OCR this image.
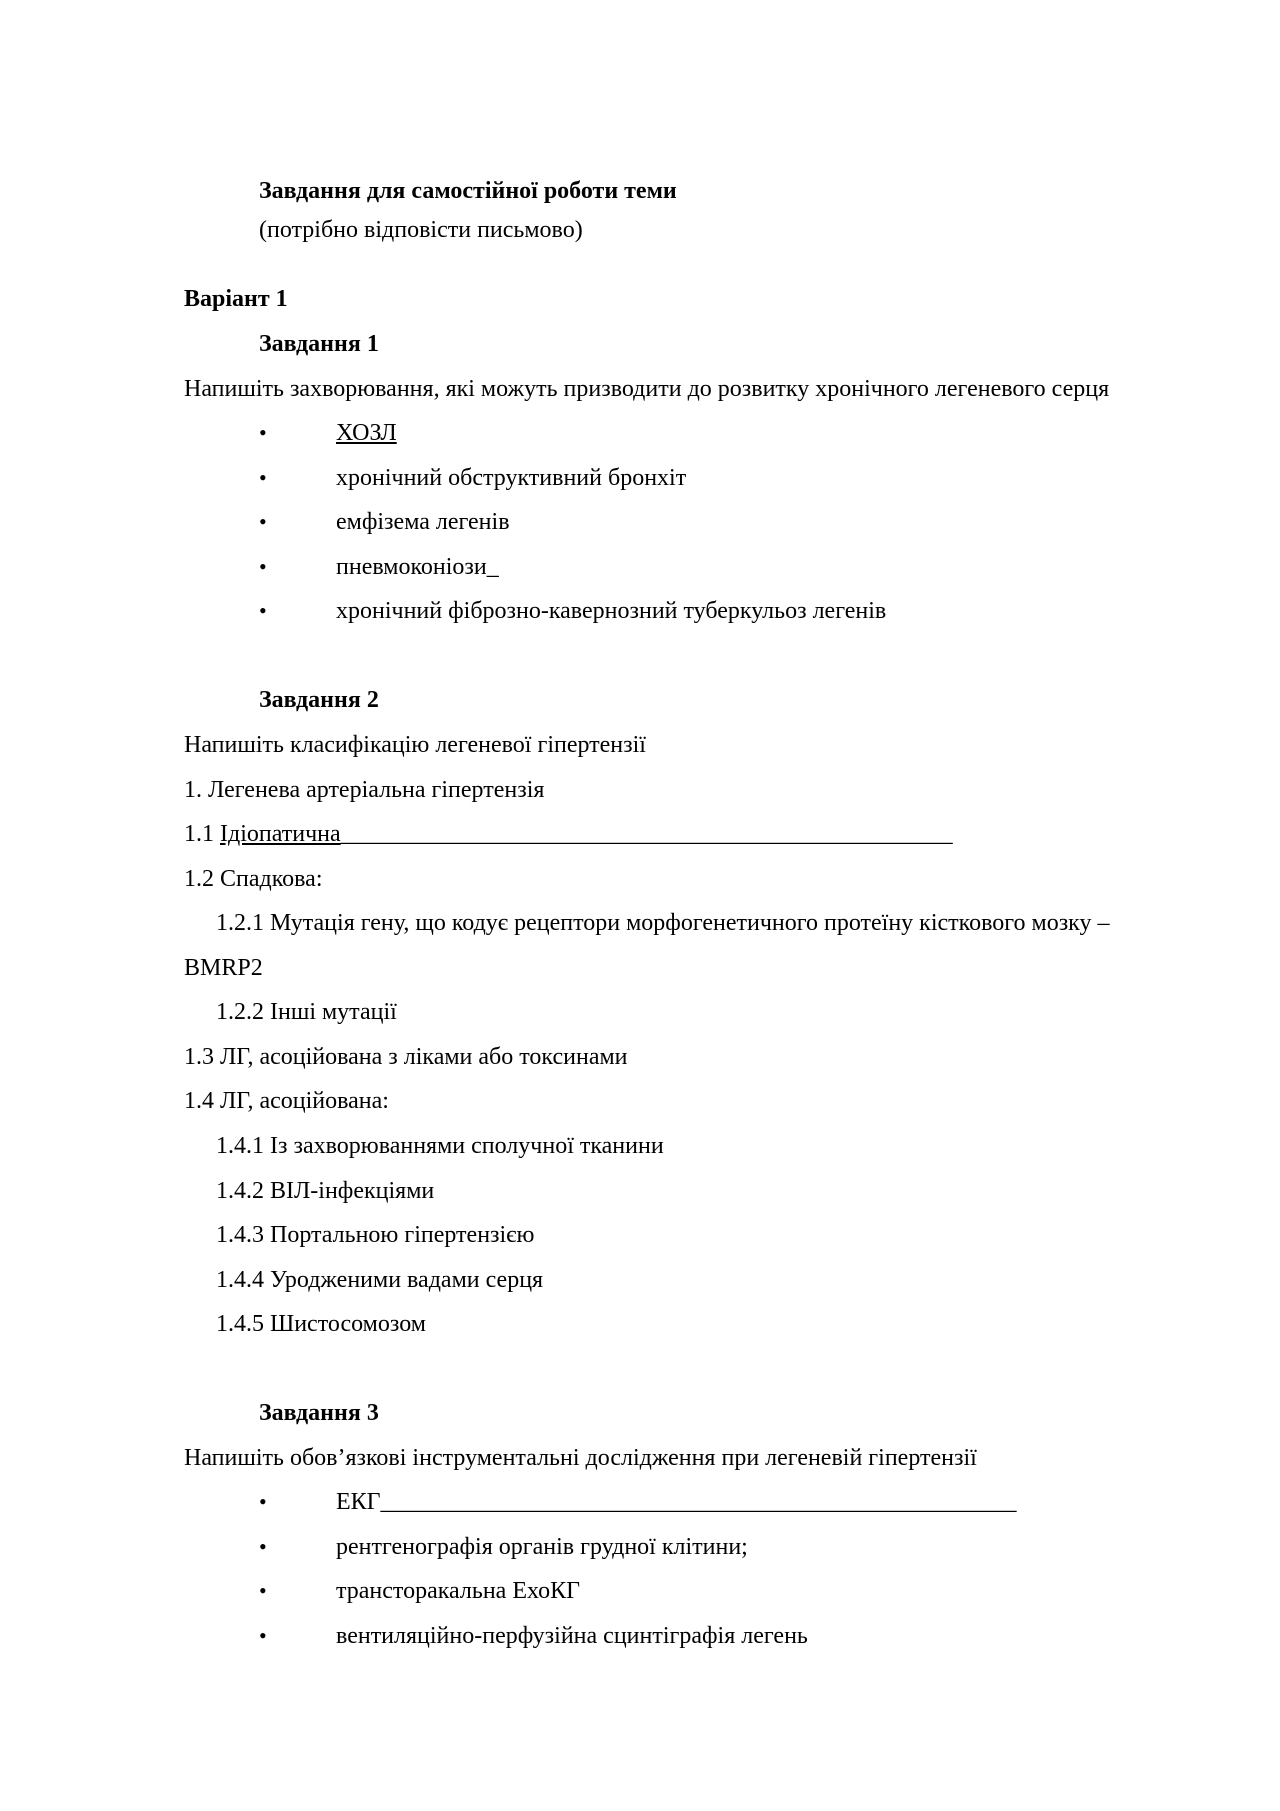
Завдання для самостійної роботи теми
(потрібно відповісти письмово)
Варіант 1
Завдання 1
Напишіть захворювання, які можуть призводити до розвитку хронічного легеневого серця
•	ХОЗЛ
•	хронічний обструктивний бронхіт
•	емфізема легенів
•	пневмоконіози_
•	хронічний фіброзно-кавернозний туберкульоз легенів
Завдання 2
Напишіть класифікацію легеневої гіпертензії
1. Легенева артеріальна гіпертензія
1.1 Ідіопатична___________________________________________________
1.2 Спадкова:
1.2.1 Мутація гену, що кодує рецептори морфогенетичного протеїну кісткового мозку –
BMRP2
1.2.2 Інші мутації
1.3 ЛГ, асоційована з ліками або токсинами
1.4 ЛГ, асоційована:
1.4.1 Із захворюваннями сполучної тканини
1.4.2 ВІЛ-інфекціями
1.4.3 Портальною гіпертензією
1.4.4 Уродженими вадами серця
1.4.5 Шистосомозом
Завдання 3
Напишіть обов’язкові інструментальні дослідження при легеневій гіпертензії
•	ЕКГ_____________________________________________________
•	рентгенографія органів грудної клітини;
•	трансторакальна ЕхоКГ
•	вентиляційно-перфузійна сцинтіграфія легень
